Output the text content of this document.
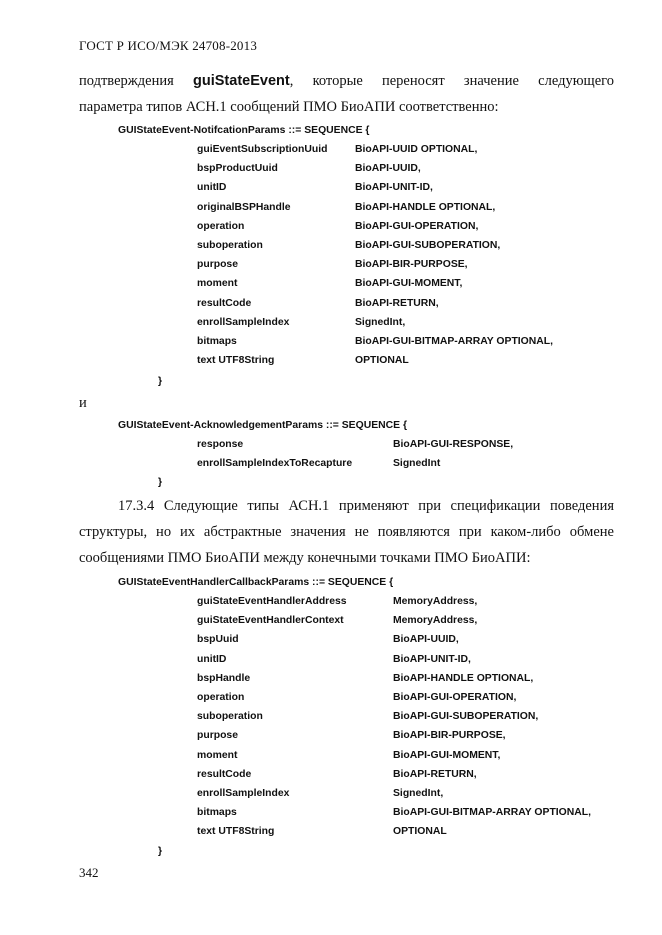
ГОСТ Р ИСО/МЭК 24708-2013
подтверждения guiStateEvent, которые переносят значение следующего
параметра типов АСН.1 сообщений ПМО БиоАПИ соответственно:
GUIStateEvent-NotifcationParams ::= SEQUENCE {
guiEventSubscriptionUuid	BioAPI-UUID OPTIONAL,
bspProductUuid	BioAPI-UUID,
unitID	BioAPI-UNIT-ID,
originalBSPHandle	BioAPI-HANDLE OPTIONAL,
operation	BioAPI-GUI-OPERATION,
suboperation	BioAPI-GUI-SUBOPERATION,
purpose	BioAPI-BIR-PURPOSE,
moment	BioAPI-GUI-MOMENT,
resultCode	BioAPI-RETURN,
enrollSampleIndex	SignedInt,
bitmaps	BioAPI-GUI-BITMAP-ARRAY OPTIONAL,
text UTF8String	OPTIONAL
}
и
GUIStateEvent-AcknowledgementParams ::= SEQUENCE {
response	BioAPI-GUI-RESPONSE,
enrollSampleIndexToRecapture	SignedInt
}
17.3.4 Следующие типы АСН.1 применяют при спецификации поведения
структуры, но их абстрактные значения не появляются при каком-либо обмене
сообщениями ПМО БиоАПИ между конечными точками ПМО БиоАПИ:
GUIStateEventHandlerCallbackParams ::= SEQUENCE {
guiStateEventHandlerAddress	MemoryAddress,
guiStateEventHandlerContext	MemoryAddress,
bspUuid	BioAPI-UUID,
unitID	BioAPI-UNIT-ID,
bspHandle	BioAPI-HANDLE OPTIONAL,
operation	BioAPI-GUI-OPERATION,
suboperation	BioAPI-GUI-SUBOPERATION,
purpose	BioAPI-BIR-PURPOSE,
moment	BioAPI-GUI-MOMENT,
resultCode	BioAPI-RETURN,
enrollSampleIndex	SignedInt,
bitmaps	BioAPI-GUI-BITMAP-ARRAY OPTIONAL,
text UTF8String	OPTIONAL
}
342
